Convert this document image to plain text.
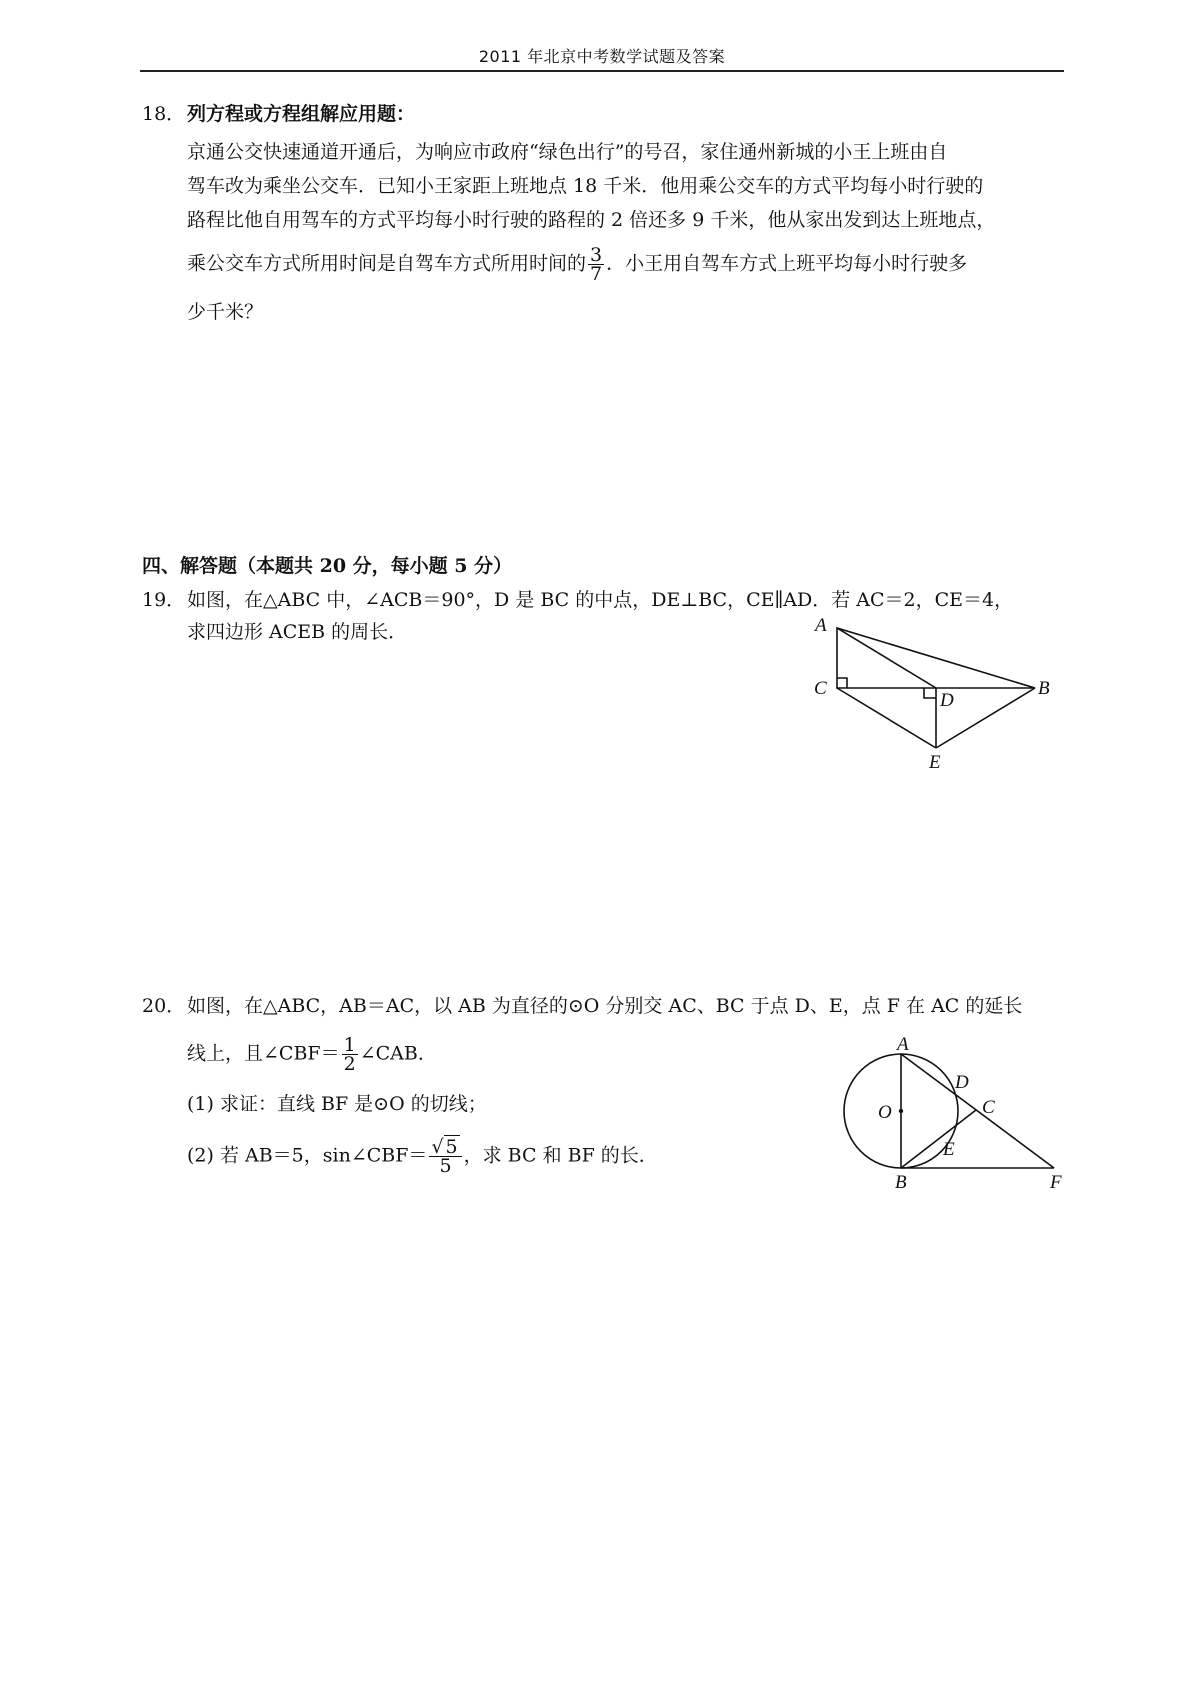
2011 年北京中考数学试题及答案
18． 列方程或方程组解应用题：
京通公交快速通道开通后，为响应市政府“绿色出行”的号召，家住通州新城的小王上班由自
驾车改为乘坐公交车．已知小王家距上班地点 18 千米．他用乘公交车的方式平均每小时行驶的
路程比他自用驾车的方式平均每小时行驶的路程的 2 倍还多 9 千米，他从家出发到达上班地点，
乘公交车方式所用时间是自驾车方式所用时间的 $\frac{3}{7}$ ．小王用自驾车方式上班平均每小时行驶多
少千米？
四、解答题（本题共 20 分，每小题 5 分）
19． 如图，在△ABC 中，∠ACB＝90°，D 是 BC 的中点，DE⊥BC，CE∥AD．若 AC＝2，CE＝4，
求四边形 ACEB 的周长．	A
C
D
B
E
20． 如图，在△ABC，AB＝AC，以 AB 为直径的⊙O 分别交 AC、BC 于点 D、E，点 F 在 AC 的延长
线上，且∠CBF＝ $\frac{1}{2}$ ∠CAB．
(1) 求证：直线 BF 是⊙O 的切线；
(2) 若 AB＝5，sin∠CBF＝ $\frac{√ 5}{5}$ ，求 BC 和 BF 的长．
A
D
O	C
E
B	F
